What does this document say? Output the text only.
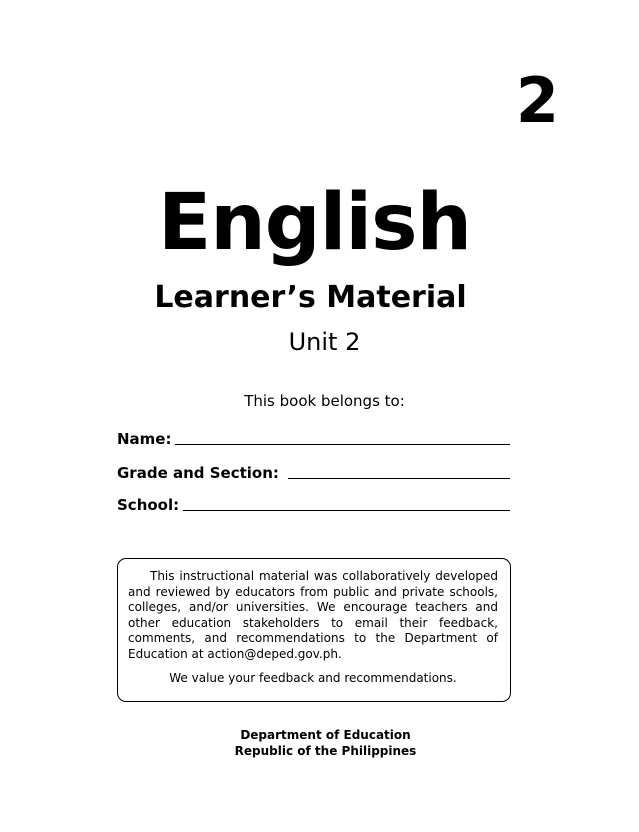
2
English
Learner’s Material
Unit 2
This book belongs to:
Name:
Grade and Section:
School:

This instructional material was collaboratively developed and reviewed by educators from public and private schools, colleges, and/or universities. We encourage teachers and other education stakeholders to email their feedback, comments, and recommendations to the Department of Education at action@deped.gov.ph.

We value your feedback and recommendations.

Department of Education
Republic of the Philippines
